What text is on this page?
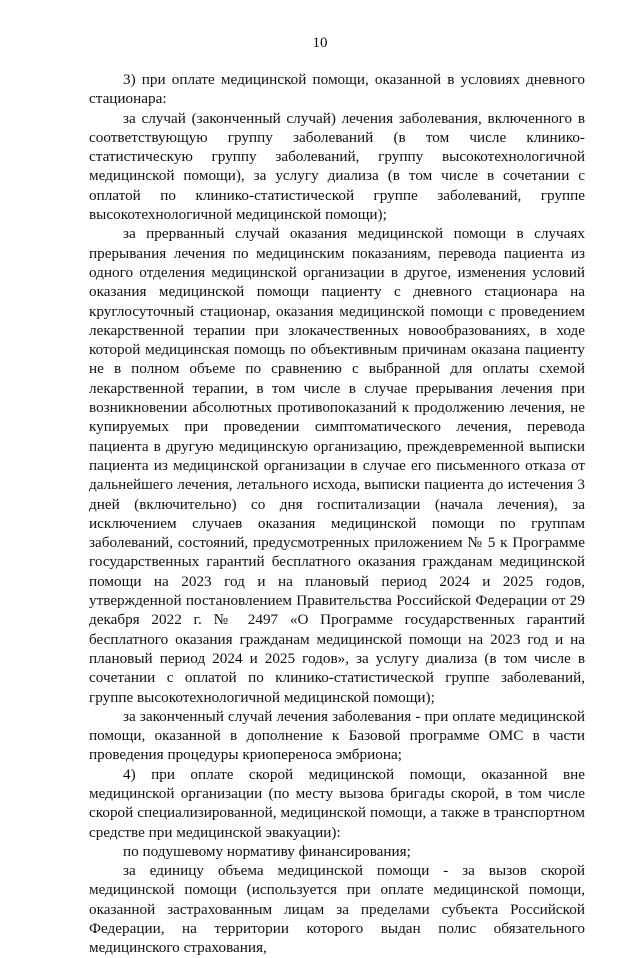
10

3) при оплате медицинской помощи, оказанной в условиях дневного стационара:

за случай (законченный случай) лечения заболевания, включенного в соответствующую группу заболеваний (в том числе клинико-статистическую группу заболеваний, группу высокотехнологичной медицинской помощи), за услугу диализа (в том числе в сочетании с оплатой по клинико-статистической группе заболеваний, группе высокотехнологичной медицинской помощи);

за прерванный случай оказания медицинской помощи в случаях прерывания лечения по медицинским показаниям, перевода пациента из одного отделения медицинской организации в другое, изменения условий оказания медицинской помощи пациенту с дневного стационара на круглосуточный стационар, оказания медицинской помощи с проведением лекарственной терапии при злокачественных новообразованиях, в ходе которой медицинская помощь по объективным причинам оказана пациенту не в полном объеме по сравнению с выбранной для оплаты схемой лекарственной терапии, в том числе в случае прерывания лечения при возникновении абсолютных противопоказаний к продолжению лечения, не купируемых при проведении симптоматического лечения, перевода пациента в другую медицинскую организацию, преждевременной выписки пациента из медицинской организации в случае его письменного отказа от дальнейшего лечения, летального исхода, выписки пациента до истечения 3 дней (включительно) со дня госпитализации (начала лечения), за исключением случаев оказания медицинской помощи по группам заболеваний, состояний, предусмотренных приложением № 5 к Программе государственных гарантий бесплатного оказания гражданам медицинской помощи на 2023 год и на плановый период 2024 и 2025 годов, утвержденной постановлением Правительства Российской Федерации от 29 декабря 2022 г. № 2497 «О Программе государственных гарантий бесплатного оказания гражданам медицинской помощи на 2023 год и на плановый период 2024 и 2025 годов», за услугу диализа (в том числе в сочетании с оплатой по клинико-статистической группе заболеваний, группе высокотехнологичной медицинской помощи);

за законченный случай лечения заболевания - при оплате медицинской помощи, оказанной в дополнение к Базовой программе ОМС в части проведения процедуры криопереноса эмбриона;

4) при оплате скорой медицинской помощи, оказанной вне медицинской организации (по месту вызова бригады скорой, в том числе скорой специализированной, медицинской помощи, а также в транспортном средстве при медицинской эвакуации):

по подушевому нормативу финансирования;

за единицу объема медицинской помощи - за вызов скорой медицинской помощи (используется при оплате медицинской помощи, оказанной застрахованным лицам за пределами субъекта Российской Федерации, на территории которого выдан полис обязательного медицинского страхования,
